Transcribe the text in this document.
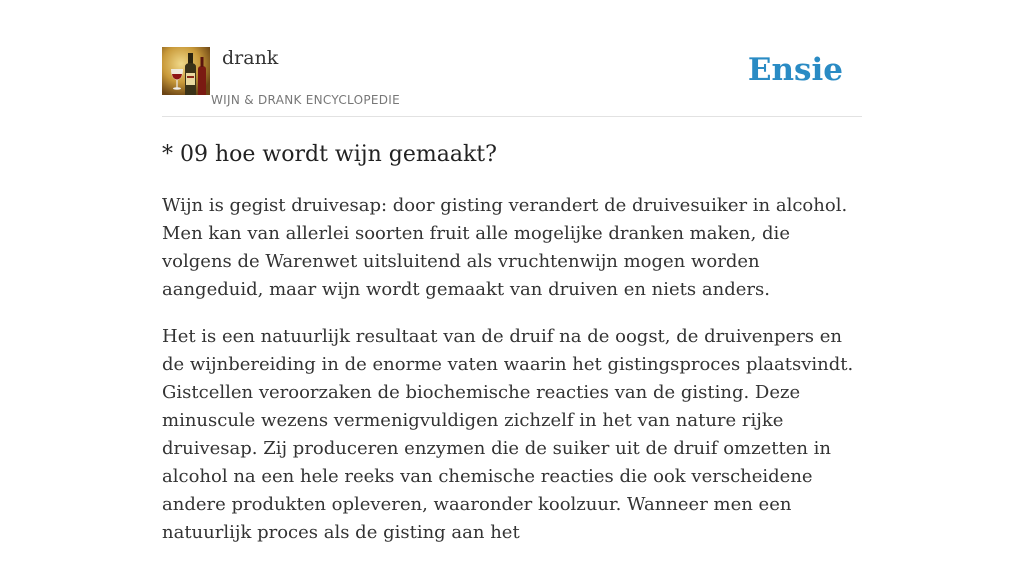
drank
WIJN & DRANK ENCYCLOPEDIE
Ensie
* 09 hoe wordt wijn gemaakt?

Wijn is gegist druivesap: door gisting verandert de druivesuiker in alcohol. Men kan van allerlei soorten fruit alle mogelijke dranken maken, die volgens de Warenwet uitsluitend als vruchtenwijn mogen worden aangeduid, maar wijn wordt gemaakt van druiven en niets anders.

Het is een natuurlijk resultaat van de druif na de oogst, de druivenpers en de wijnbereiding in de enorme vaten waarin het gistingsproces plaatsvindt. Gistcellen veroorzaken de biochemische reacties van de gisting. Deze minuscule wezens vermenigvuldigen zichzelf in het van nature rijke druivesap. Zij produceren enzymen die de suiker uit de druif omzetten in alcohol na een hele reeks van chemische reacties die ook verscheidene andere produkten opleveren, waaronder koolzuur. Wanneer men een natuurlijk proces als de gisting aan het
